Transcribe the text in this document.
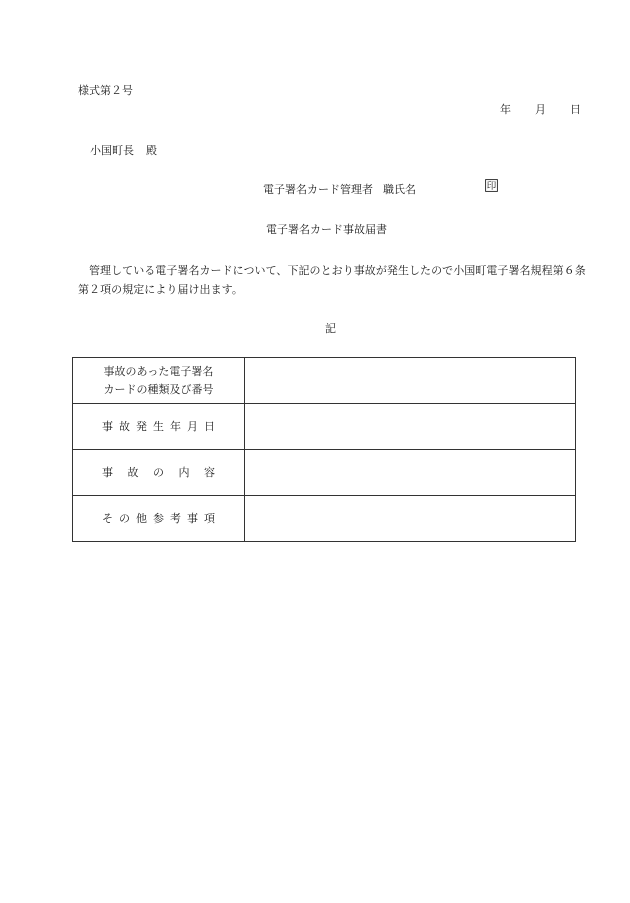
様式第２号
年 月 日
小国町長 殿
電子署名カード管理者 職氏名	印
電子署名カード事故届書
管理している電子署名カードについて、下記のとおり事故が発生したので小国町電子署名規程第６条第２項の規定により届け出ます。
記
事故のあった電子署名
カードの種類及び番号	

事故発生年月日	
事故の内容	
その他参考事項	
